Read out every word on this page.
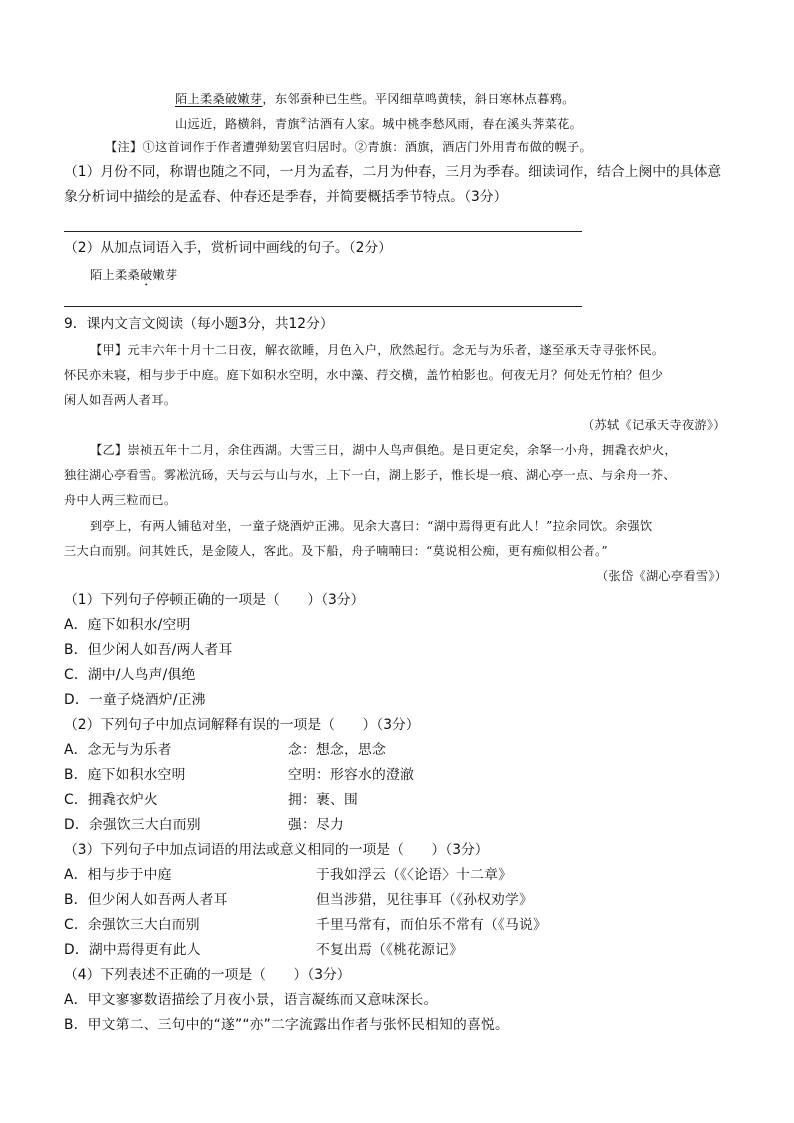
陌上柔桑破嫩芽，东邻蚕种已生些。平冈细草鸣黄犊，斜日寒林点暮鸦。
山远近，路横斜，青旗②沽酒有人家。城中桃李愁风雨，春在溪头荠菜花。
【注】①这首词作于作者遭弹劾罢官归居时。②青旗：酒旗，酒店门外用青布做的幌子。
（1）月份不同，称谓也随之不同，一月为孟春，二月为仲春，三月为季春。细读词作，结合上阕中的具体意
象分析词中描绘的是孟春、仲春还是季春，并简要概括季节特点。（3分）
（2）从加点词语入手，赏析词中画线的句子。（2分）
陌上柔桑破嫩芽
9．课内文言文阅读（每小题3分，共12分）
【甲】元丰六年十月十二日夜，解衣欲睡，月色入户，欣然起行。念无与为乐者，遂至承天寺寻张怀民。
怀民亦未寝，相与步于中庭。庭下如积水空明，水中藻、荇交横，盖竹柏影也。何夜无月？何处无竹柏？但少
闲人如吾两人者耳。
（苏轼《记承天寺夜游》）
【乙】崇祯五年十二月，余住西湖。大雪三日，湖中人鸟声俱绝。是日更定矣，余拏一小舟，拥毳衣炉火，
独往湖心亭看雪。雾凇沆砀，天与云与山与水，上下一白，湖上影子，惟长堤一痕、湖心亭一点、与余舟一芥、
舟中人两三粒而已。
到亭上，有两人铺毡对坐，一童子烧酒炉正沸。见余大喜曰：“湖中焉得更有此人！”拉余同饮。余强饮
三大白而别。问其姓氏，是金陵人，客此。及下船，舟子喃喃曰：“莫说相公痴，更有痴似相公者。”
（张岱《湖心亭看雪》）
（1）下列句子停顿正确的一项是（　　）（3分）
A．庭下如积水/空明
B．但少闲人如吾/两人者耳
C．湖中/人鸟声/俱绝
D．一童子烧酒炉/正沸
（2）下列句子中加点词解释有误的一项是（　　）（3分）
A．念无与为乐者	念：想念，思念
B．庭下如积水空明	空明：形容水的澄澈
C．拥毳衣炉火	拥：裹、围
D．余强饮三大白而别	强：尽力
（3）下列句子中加点词语的用法或意义相同的一项是（　　）（3分）
A．相与步于中庭	于我如浮云（《〈论语〉十二章》
B．但少闲人如吾两人者耳	但当涉猎，见往事耳（《孙权劝学》
C．余强饮三大白而别	千里马常有，而伯乐不常有（《马说》
D．湖中焉得更有此人	不复出焉（《桃花源记》
（4）下列表述不正确的一项是（　　）（3分）
A．甲文寥寥数语描绘了月夜小景，语言凝练而又意味深长。
B．甲文第二、三句中的“遂”“亦”二字流露出作者与张怀民相知的喜悦。
